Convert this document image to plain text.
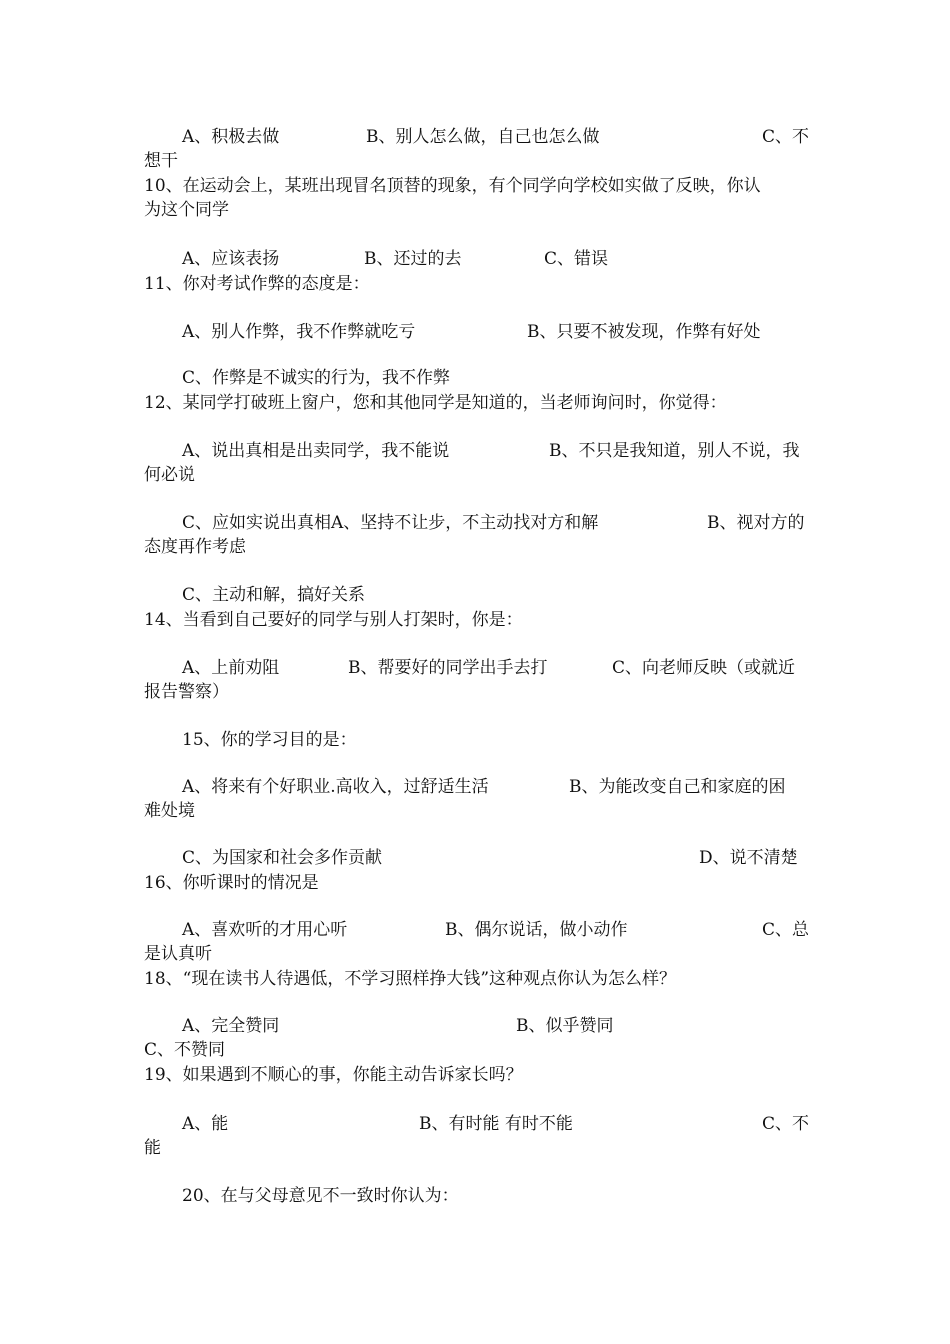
A、积极去做	B、别人怎么做，自己也怎么做	C、不

想干

10、在运动会上，某班出现冒名顶替的现象，有个同学向学校如实做了反映，你认

为这个同学

A、应该表扬	B、还过的去	C、错误

11、你对考试作弊的态度是：

A、别人作弊，我不作弊就吃亏	B、只要不被发现，作弊有好处

C、作弊是不诚实的行为，我不作弊

12、某同学打破班上窗户，您和其他同学是知道的，当老师询问时，你觉得：

A、说出真相是出卖同学，我不能说	B、不只是我知道，别人不说，我

何必说

C、应如实说出真相A、坚持不让步，不主动找对方和解	B、视对方的

态度再作考虑

C、主动和解，搞好关系

14、当看到自己要好的同学与别人打架时，你是：

A、上前劝阻	B、帮要好的同学出手去打	C、向老师反映（或就近

报告警察）

15、你的学习目的是：

A、将来有个好职业.高收入，过舒适生活	B、为能改变自己和家庭的困

难处境

C、为国家和社会多作贡献	D、说不清楚

16、你听课时的情况是

A、喜欢听的才用心听	B、偶尔说话，做小动作	C、总

是认真听

18、“现在读书人待遇低，不学习照样挣大钱”这种观点你认为怎么样？

A、完全赞同	B、似乎赞同

C、不赞同

19、如果遇到不顺心的事，你能主动告诉家长吗？

A、能	B、有时能 有时不能	C、不

能

20、在与父母意见不一致时你认为：
